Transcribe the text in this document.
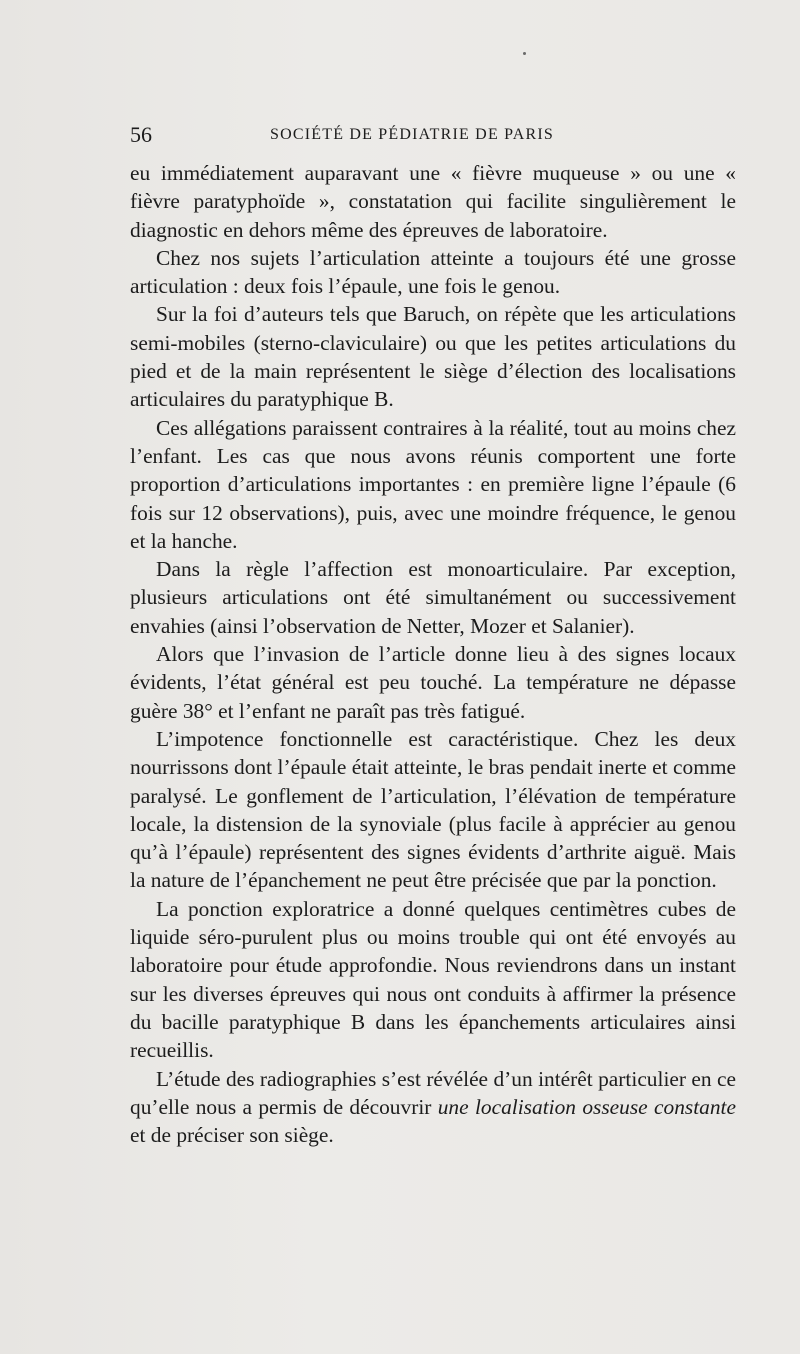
56	SOCIÉTÉ DE PÉDIATRIE DE PARIS

eu immédiatement auparavant une « fièvre muqueuse » ou une « fièvre paratyphoïde », constatation qui facilite singulièrement le diagnostic en dehors même des épreuves de laboratoire.

Chez nos sujets l’articulation atteinte a toujours été une grosse articulation : deux fois l’épaule, une fois le genou.

Sur la foi d’auteurs tels que Baruch, on répète que les articulations semi-mobiles (sterno-claviculaire) ou que les petites articulations du pied et de la main représentent le siège d’élection des localisations articulaires du paratyphique B.

Ces allégations paraissent contraires à la réalité, tout au moins chez l’enfant. Les cas que nous avons réunis comportent une forte proportion d’articulations importantes : en première ligne l’épaule (6 fois sur 12 observations), puis, avec une moindre fréquence, le genou et la hanche.

Dans la règle l’affection est monoarticulaire. Par exception, plusieurs articulations ont été simultanément ou successivement envahies (ainsi l’observation de Netter, Mozer et Salanier).

Alors que l’invasion de l’article donne lieu à des signes locaux évidents, l’état général est peu touché. La température ne dépasse guère 38° et l’enfant ne paraît pas très fatigué.

L’impotence fonctionnelle est caractéristique. Chez les deux nourrissons dont l’épaule était atteinte, le bras pendait inerte et comme paralysé. Le gonflement de l’articulation, l’élévation de température locale, la distension de la synoviale (plus facile à apprécier au genou qu’à l’épaule) représentent des signes évidents d’arthrite aiguë. Mais la nature de l’épanchement ne peut être précisée que par la ponction.

La ponction exploratrice a donné quelques centimètres cubes de liquide séro-purulent plus ou moins trouble qui ont été envoyés au laboratoire pour étude approfondie. Nous reviendrons dans un instant sur les diverses épreuves qui nous ont conduits à affirmer la présence du bacille paratyphique B dans les épanchements articulaires ainsi recueillis.

L’étude des radiographies s’est révélée d’un intérêt particulier en ce qu’elle nous a permis de découvrir une localisation osseuse constante et de préciser son siège.
